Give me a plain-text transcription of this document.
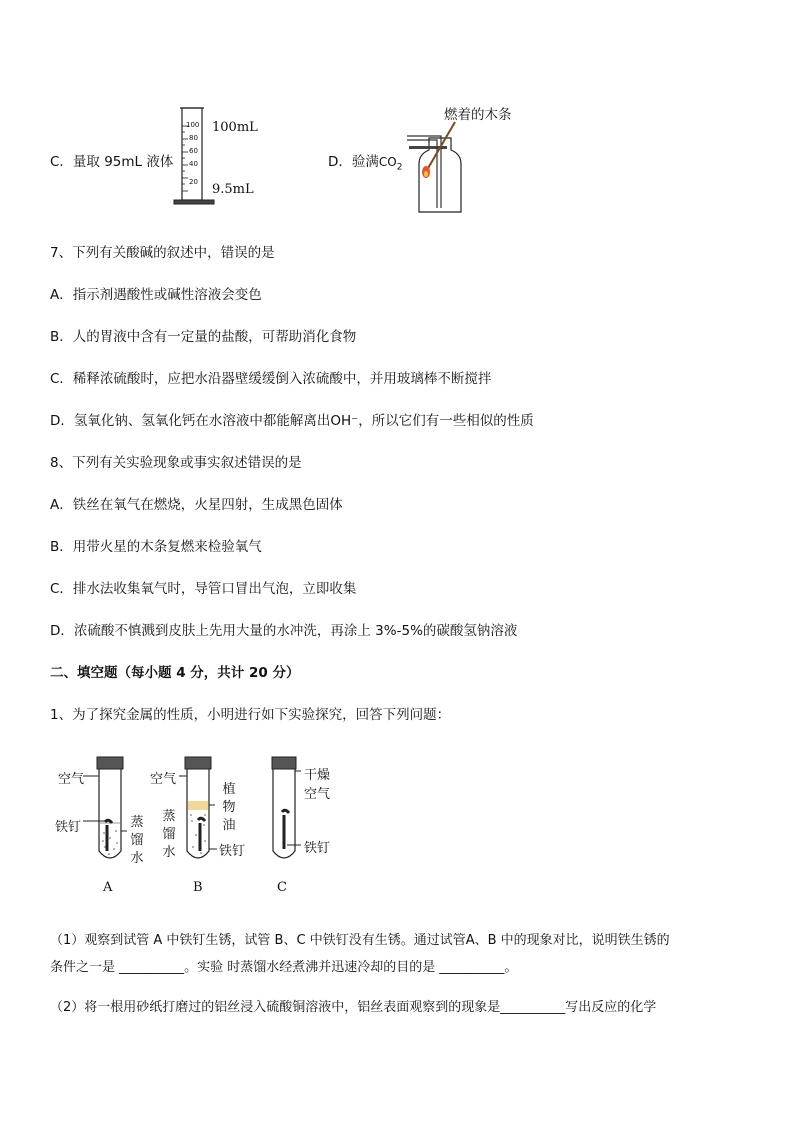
C．量取 95mL 液体
100
80
60
40
20
100mL
9.5mL
D．验满$CO_2$
燃着的木条
7、下列有关酸碱的叙述中，错误的是
A．指示剂遇酸性或碱性溶液会变色
B．人的胃液中含有一定量的盐酸，可帮助消化食物
C．稀释浓硫酸时，应把水沿器壁缓缓倒入浓硫酸中，并用玻璃棒不断搅拌
D．氢氧化钠、氢氧化钙在水溶液中都能解离出OH⁻，所以它们有一些相似的性质
8、下列有关实验现象或事实叙述错误的是
A．铁丝在氧气在燃烧，火星四射，生成黑色固体
B．用带火星的木条复燃来检验氧气
C．排水法收集氧气时，导管口冒出气泡，立即收集
D．浓硫酸不慎溅到皮肤上先用大量的水冲洗，再涂上 3%-5%的碳酸氢钠溶液
二、填空题（每小题 4 分，共计 20 分）
1、为了探究金属的性质，小明进行如下实验探究，回答下列问题：
空气
铁钉	蒸馏水
A
空气
蒸馏水
植物油
铁钉
B
干燥
空气
铁钉
C
（1）观察到试管 A 中铁钉生锈，试管 B、C 中铁钉没有生锈。通过试管A、B 中的现象对比，说明铁生锈的
条件之一是 __________。实验 时蒸馏水经煮沸并迅速冷却的目的是 __________。
（2）将一根用砂纸打磨过的铝丝浸入硫酸铜溶液中，铝丝表面观察到的现象是__________写出反应的化学
